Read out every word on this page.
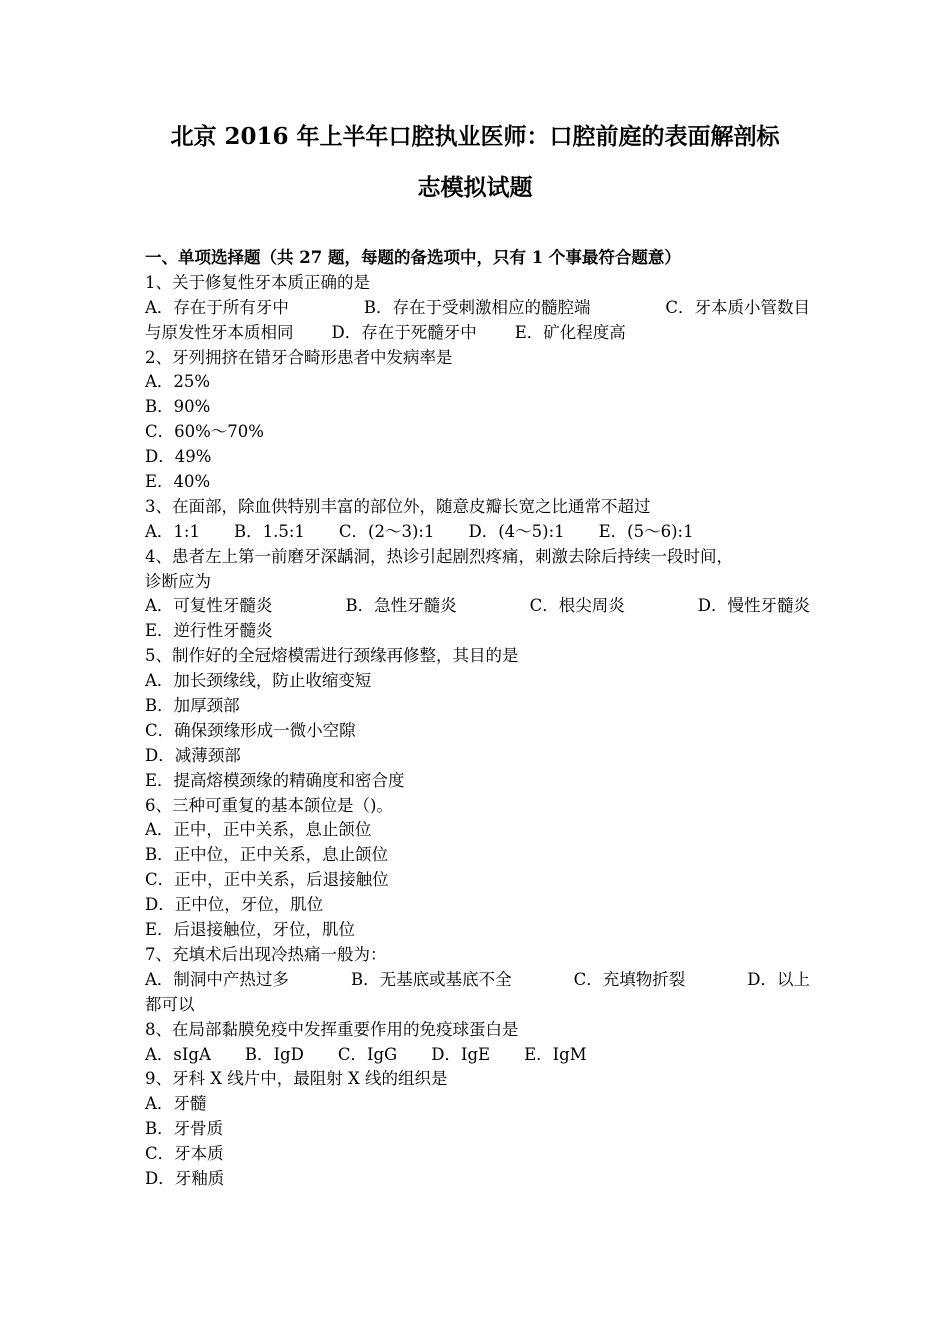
北京 2016 年上半年口腔执业医师：口腔前庭的表面解剖标
志模拟试题
一、单项选择题（共 27 题，每题的备选项中，只有 1 个事最符合题意）
1、关于修复性牙本质正确的是
A．存在于所有牙中	B．存在于受刺激相应的髓腔端	C．牙本质小管数目
与原发性牙本质相同 D．存在于死髓牙中 E．矿化程度高
2、牙列拥挤在错牙合畸形患者中发病率是
A．25%
B．90%
C．60%～70%
D．49%
E．40%
3、在面部，除血供特别丰富的部位外，随意皮瓣长宽之比通常不超过
A．1:1 B．1.5:1 C．(2～3):1 D．(4～5):1 E．(5～6):1
4、患者左上第一前磨牙深龋洞，热诊引起剧烈疼痛，刺激去除后持续一段时间，
诊断应为
A．可复性牙髓炎	B．急性牙髓炎	C．根尖周炎	D．慢性牙髓炎
E．逆行性牙髓炎
5、制作好的全冠熔模需进行颈缘再修整，其目的是
A．加长颈缘线，防止收缩变短
B．加厚颈部
C．确保颈缘形成一微小空隙
D．减薄颈部
E．提高熔模颈缘的精确度和密合度
6、三种可重复的基本颌位是（)。
A．正中，正中关系，息止颌位
B．正中位，正中关系，息止颌位
C．正中，正中关系，后退接触位
D．正中位，牙位，肌位
E．后退接触位，牙位，肌位
7、充填术后出现冷热痛一般为：
A．制洞中产热过多	B．无基底或基底不全	C．充填物折裂	D．以上
都可以
8、在局部黏膜免疫中发挥重要作用的免疫球蛋白是
A．sIgA B．IgD C．IgG D．IgE E．IgM
9、牙科 X 线片中，最阻射 X 线的组织是
A．牙髓
B．牙骨质
C．牙本质
D．牙釉质
